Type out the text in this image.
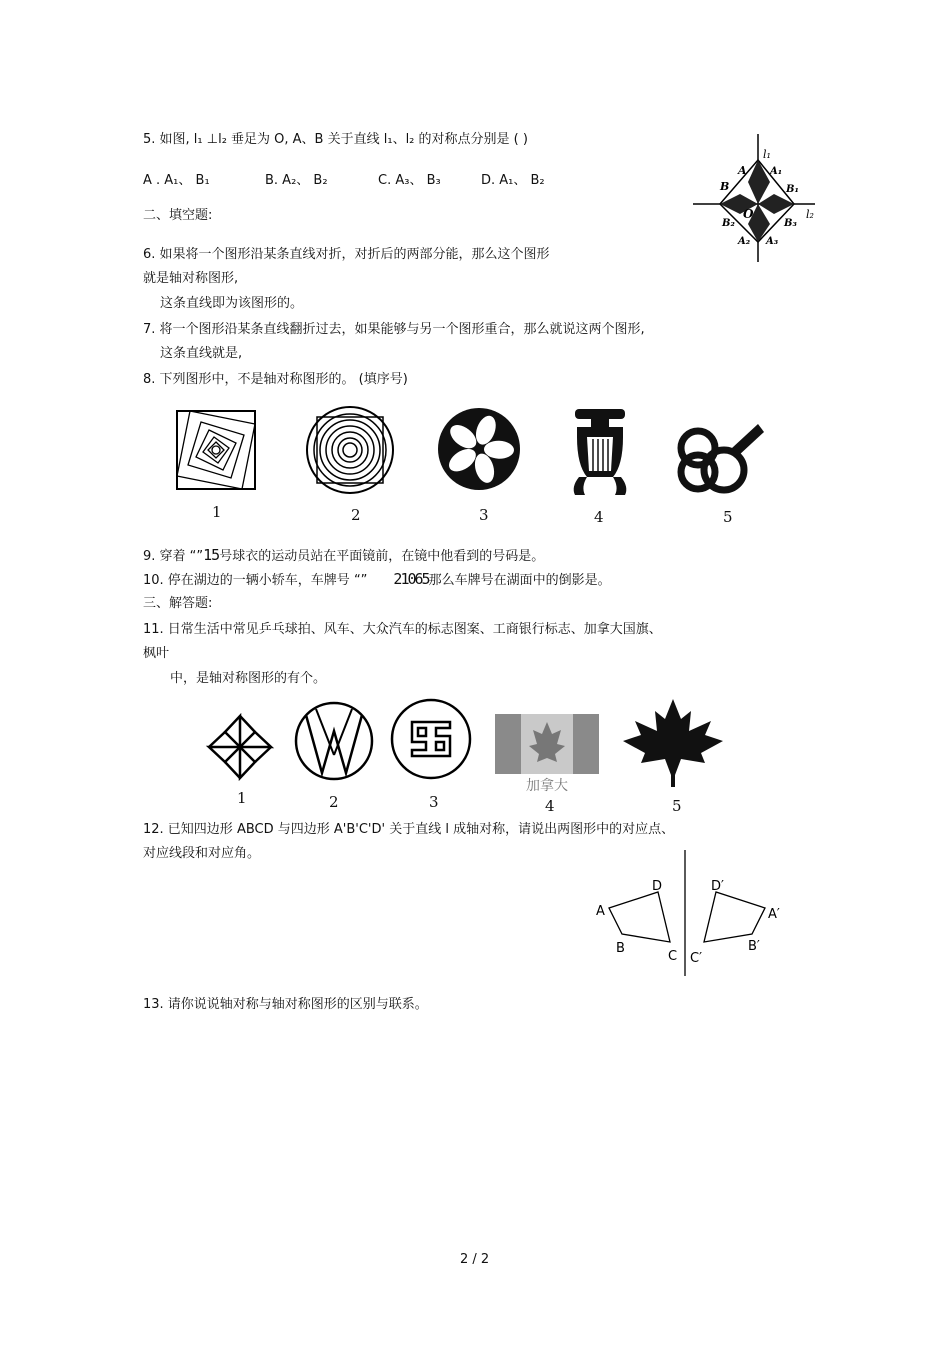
5. 如图, l₁ ⊥l₂ 垂足为 O, A、B 关于直线 l₁、l₂ 的对称点分别是 ( )
A . A₁、 B₁	B. A₂、 B₂	C. A₃、 B₃	D. A₁、 B₂
l₁
l₂
A A₁
B	B₁
O
B₂	B₃
A₂ A₃
二、填空题:
6. 如果将一个图形沿某条直线对折，对折后的两部分能，那么这个图形
就是轴对称图形,
这条直线即为该图形的。
7. 将一个图形沿某条直线翻折过去，如果能够与另一个图形重合，那么就说这两个图形,
这条直线就是,
8. 下列图形中，不是轴对称图形的。 (填序号)
1	2	3	4	5
9. 穿着 “”15号球衣的运动员站在平面镜前，在镜中他看到的号码是。
10. 停在湖边的一辆小轿车，车牌号 “” 21065那么车牌号在湖面中的倒影是。
三、解答题:
11. 日常生活中常见乒乓球拍、风车、大众汽车的标志图案、工商银行标志、加拿大国旗、
枫叶
中，是轴对称图形的有个。
加拿大
1	2	3	4	5
12. 已知四边形 ABCD 与四边形 A'B'C'D' 关于直线 l 成轴对称，请说出两图形中的对应点、
对应线段和对应角。
A
B
C
D
A′
B′
C′
D′
13. 请你说说轴对称与轴对称图形的区别与联系。
2 / 2
